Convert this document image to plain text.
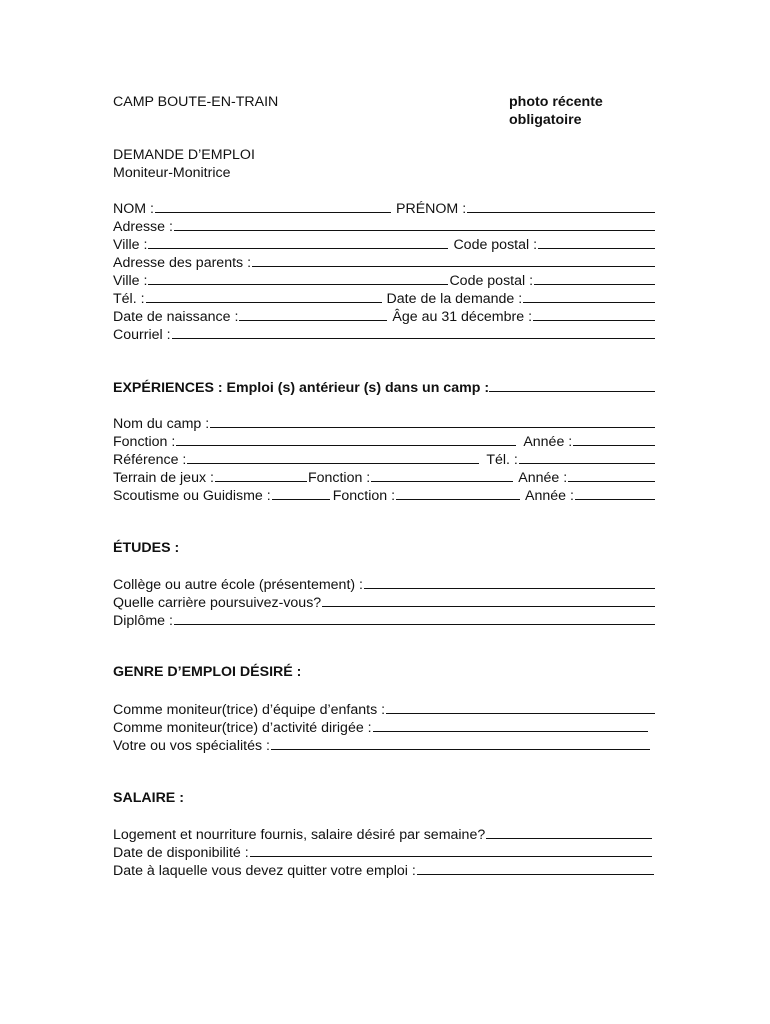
CAMP BOUTE-EN-TRAIN	photo récente
obligatoire
DEMANDE D’EMPLOI
Moniteur-Monitrice
NOM :	PRÉNOM :
Adresse :
Ville :	Code postal :
Adresse des parents :
Ville :	Code postal :
Tél. :	Date de la demande :
Date de naissance :	Âge au 31 décembre :
Courriel :
EXPÉRIENCES : Emploi (s) antérieur (s) dans un camp :
Nom du camp :
Fonction :	Année :
Référence :	Tél. :
Terrain de jeux :	Fonction :	Année :
Scoutisme ou Guidisme :	Fonction :	Année :
ÉTUDES :
Collège ou autre école (présentement) :
Quelle carrière poursuivez-vous?
Diplôme :
GENRE D’EMPLOI DÉSIRÉ :
Comme moniteur(trice) d’équipe d’enfants :
Comme moniteur(trice) d’activité dirigée :
Votre ou vos spécialités :
SALAIRE :
Logement et nourriture fournis, salaire désiré par semaine?
Date de disponibilité :
Date à laquelle vous devez quitter votre emploi :
